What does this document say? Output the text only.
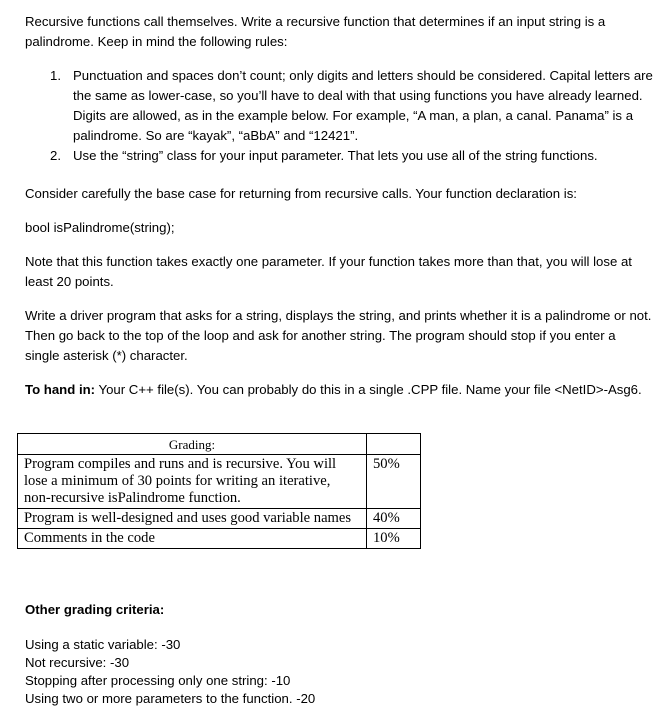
Recursive functions call themselves. Write a recursive function that determines if an input string is a palindrome. Keep in mind the following rules:

1. Punctuation and spaces don’t count; only digits and letters should be considered. Capital letters are the same as lower-case, so you’ll have to deal with that using functions you have already learned. Digits are allowed, as in the example below. For example, “A man, a plan, a canal. Panama” is a palindrome. So are “kayak”, “aBbA” and “12421”.
2. Use the “string” class for your input parameter. That lets you use all of the string functions.

Consider carefully the base case for returning from recursive calls. Your function declaration is:

bool isPalindrome(string);

Note that this function takes exactly one parameter. If your function takes more than that, you will lose at least 20 points.

Write a driver program that asks for a string, displays the string, and prints whether it is a palindrome or not. Then go back to the top of the loop and ask for another string. The program should stop if you enter a single asterisk (*) character.

To hand in: Your C++ file(s). You can probably do this in a single .CPP file. Name your file <NetID>-Asg6.

Grading:	
Program compiles and runs and is recursive. You will lose a minimum of 30 points for writing an iterative, non-recursive isPalindrome function.	50%
Program is well-designed and uses good variable names	40%
Comments in the code	10%
Other grading criteria:
Using a static variable: -30
Not recursive: -30
Stopping after processing only one string: -10
Using two or more parameters to the function. -20
